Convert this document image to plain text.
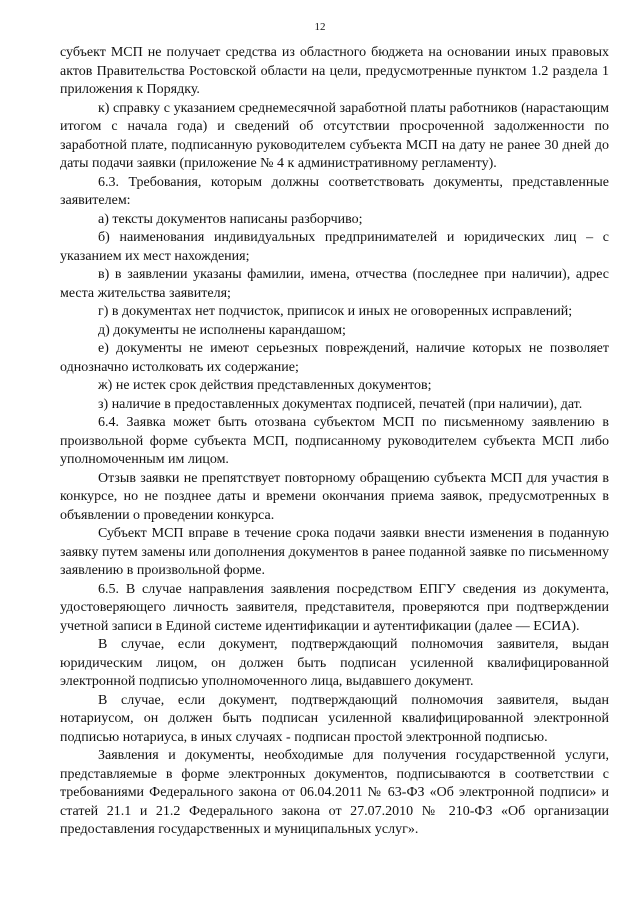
12

субъект МСП не получает средства из областного бюджета на основании иных правовых актов Правительства Ростовской области на цели, предусмотренные пунктом 1.2 раздела 1 приложения к Порядку.

к) справку с указанием среднемесячной заработной платы работников (нарастающим итогом с начала года) и сведений об отсутствии просроченной задолженности по заработной плате, подписанную руководителем субъекта МСП на дату не ранее 30 дней до даты подачи заявки (приложение № 4 к административному регламенту).

6.3. Требования, которым должны соответствовать документы, представленные заявителем:

а) тексты документов написаны разборчиво;

б) наименования индивидуальных предпринимателей и юридических лиц – с указанием их мест нахождения;

в) в заявлении указаны фамилии, имена, отчества (последнее при наличии), адрес места жительства заявителя;

г) в документах нет подчисток, приписок и иных не оговоренных исправлений;

д) документы не исполнены карандашом;

е) документы не имеют серьезных повреждений, наличие которых не позволяет однозначно истолковать их содержание;

ж) не истек срок действия представленных документов;

з) наличие в предоставленных документах подписей, печатей (при наличии), дат.

6.4. Заявка может быть отозвана субъектом МСП по письменному заявлению в произвольной форме субъекта МСП, подписанному руководителем субъекта МСП либо уполномоченным им лицом.

Отзыв заявки не препятствует повторному обращению субъекта МСП для участия в конкурсе, но не позднее даты и времени окончания приема заявок, предусмотренных в объявлении о проведении конкурса.

Субъект МСП вправе в течение срока подачи заявки внести изменения в поданную заявку путем замены или дополнения документов в ранее поданной заявке по письменному заявлению в произвольной форме.

6.5. В случае направления заявления посредством ЕПГУ сведения из документа, удостоверяющего личность заявителя, представителя, проверяются при подтверждении учетной записи в Единой системе идентификации и аутентификации (далее — ЕСИА).

В случае, если документ, подтверждающий полномочия заявителя, выдан юридическим лицом, он должен быть подписан усиленной квалифицированной электронной подписью уполномоченного лица, выдавшего документ.

В случае, если документ, подтверждающий полномочия заявителя, выдан нотариусом, он должен быть подписан усиленной квалифицированной электронной подписью нотариуса, в иных случаях - подписан простой электронной подписью.

Заявления и документы, необходимые для получения государственной услуги, представляемые в форме электронных документов, подписываются в соответствии с требованиями Федерального закона от 06.04.2011 № 63-ФЗ «Об электронной подписи» и статей 21.1 и 21.2 Федерального закона от 27.07.2010 № 210-ФЗ «Об организации предоставления государственных и муниципальных услуг».
